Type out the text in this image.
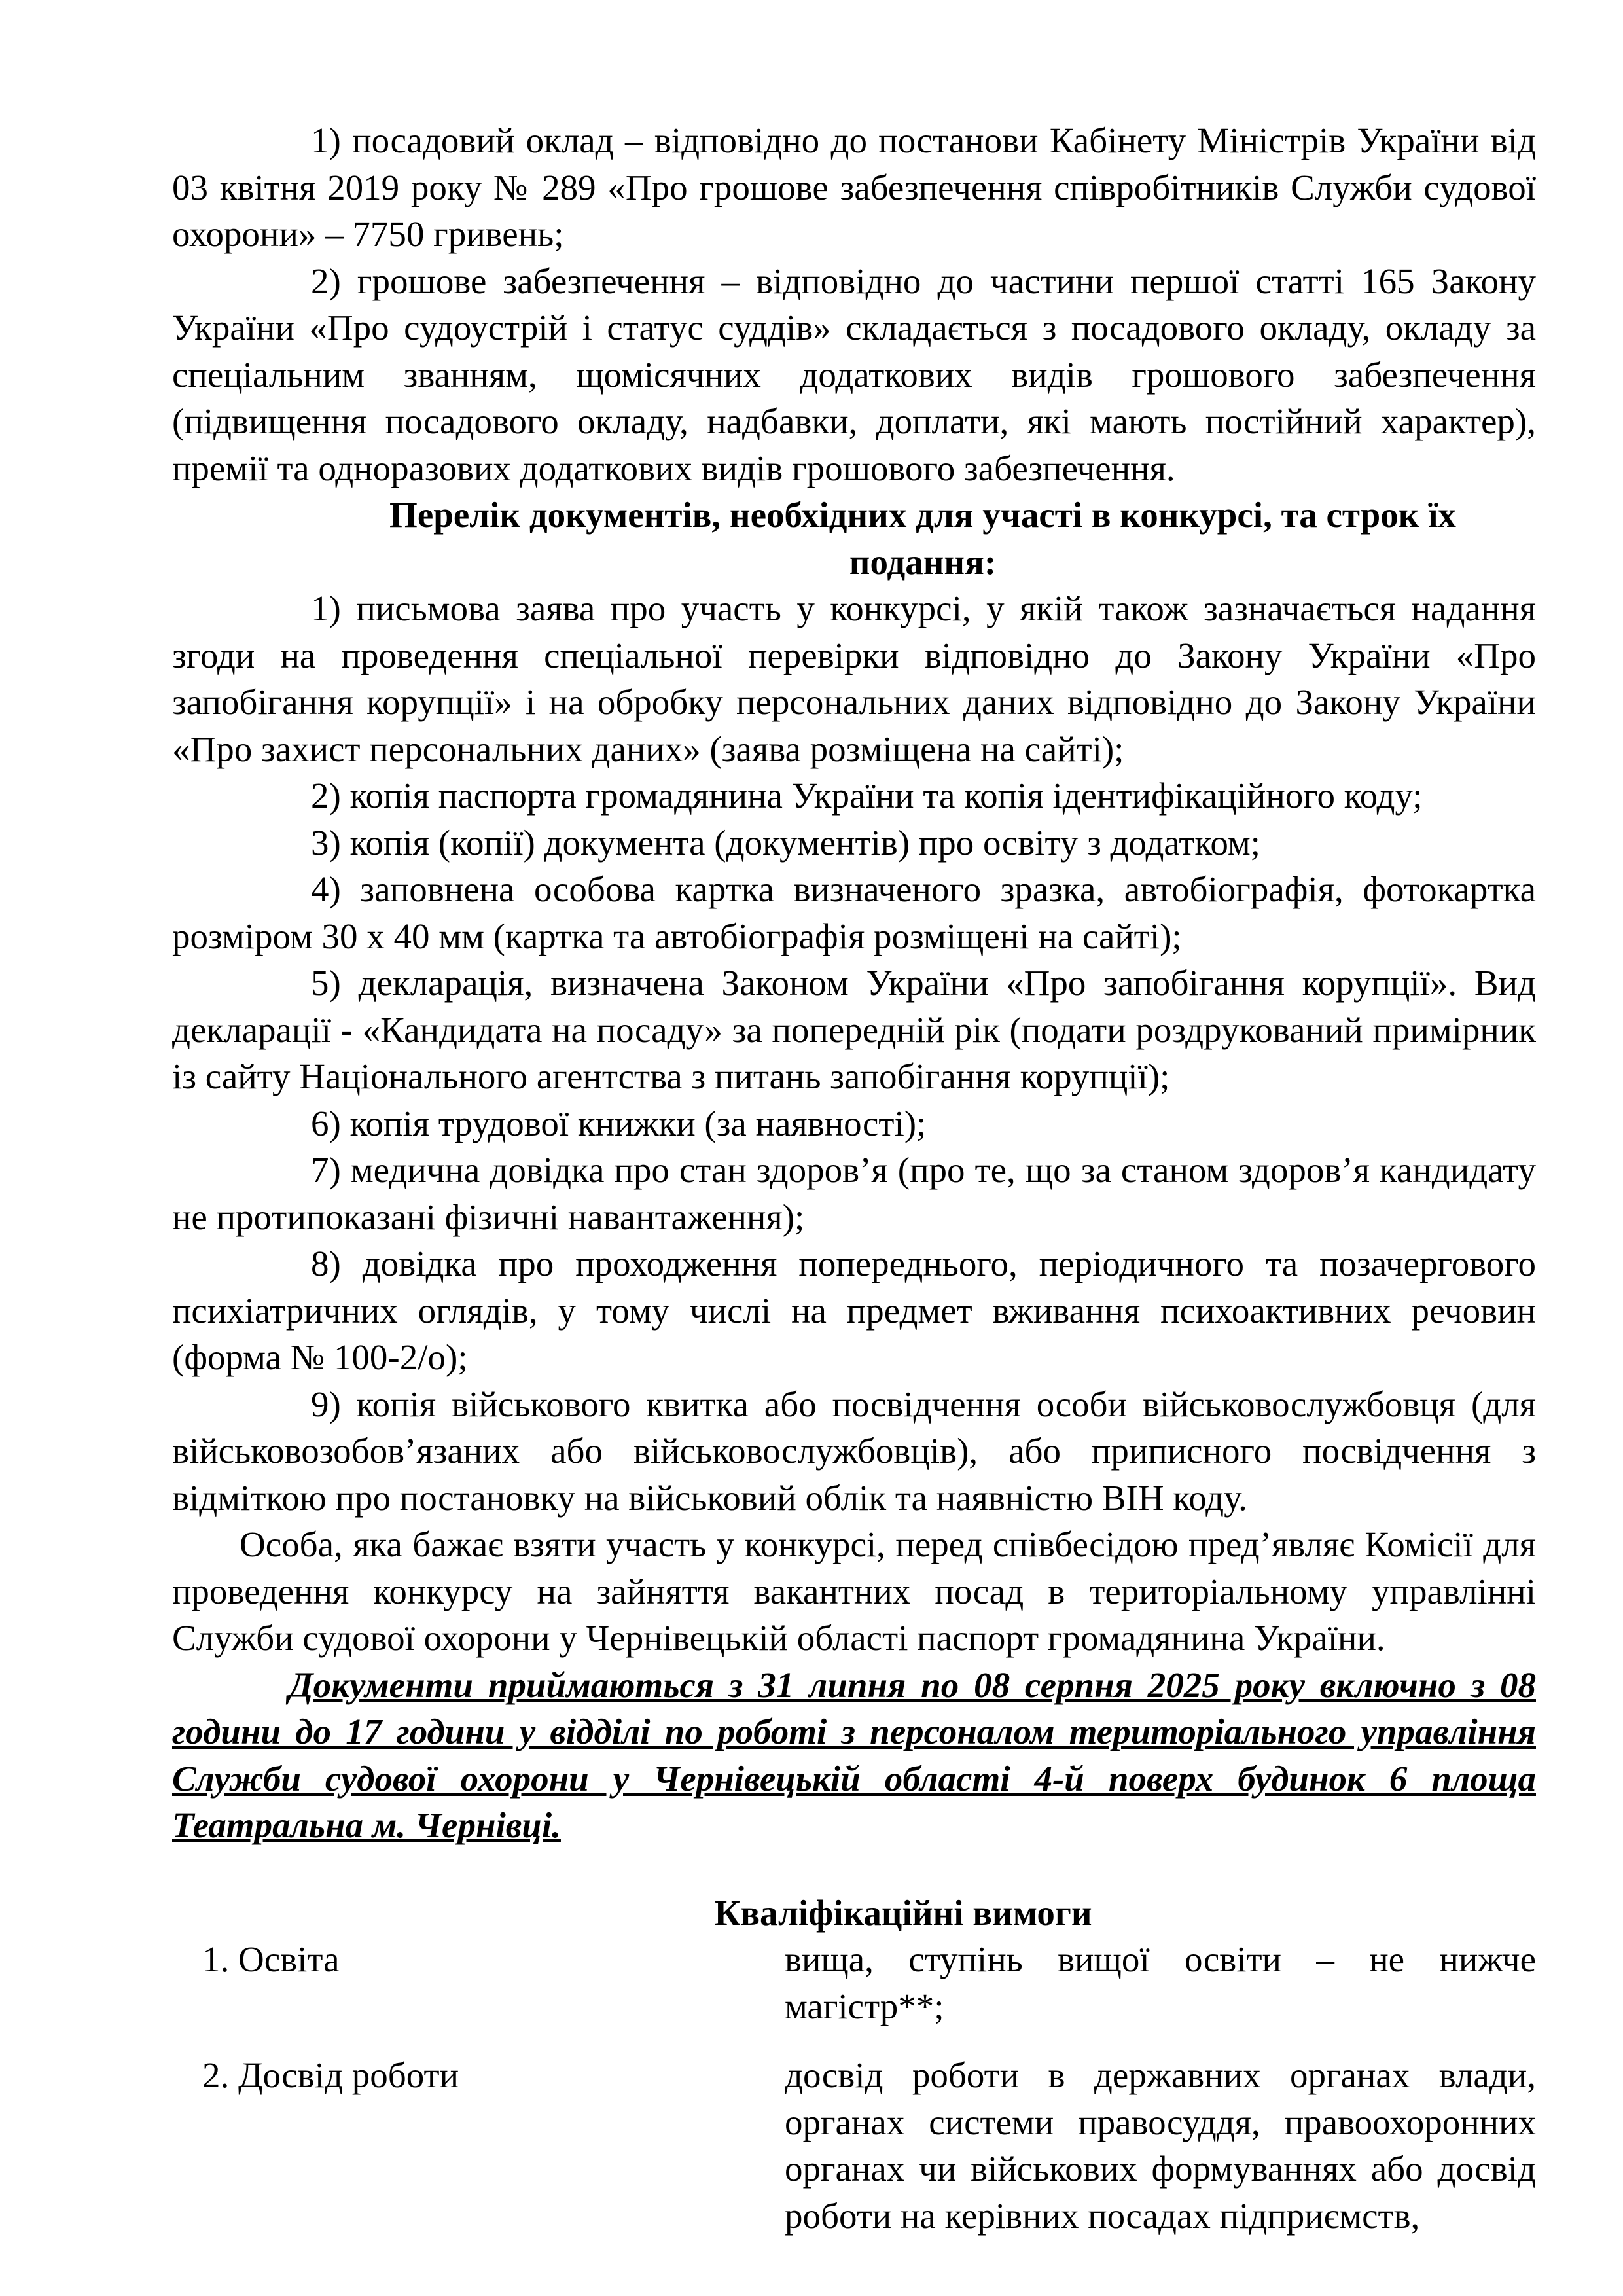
1) посадовий оклад – відповідно до постанови Кабінету Міністрів України від 03 квітня 2019 року № 289 «Про грошове забезпечення співробітників Служби судової охорони» – 7750 гривень;

2) грошове забезпечення – відповідно до частини першої статті 165 Закону України «Про судоустрій і статус суддів» складається з посадового окладу, окладу за спеціальним званням, щомісячних додаткових видів грошового забезпечення (підвищення посадового окладу, надбавки, доплати, які мають постійний характер), премії та одноразових додаткових видів грошового забезпечення.

Перелік документів, необхідних для участі в конкурсі, та строк їх подання:

1) письмова заява про участь у конкурсі, у якій також зазначається надання згоди на проведення спеціальної перевірки відповідно до Закону України «Про запобігання корупції» і на обробку персональних даних відповідно до Закону України «Про захист персональних даних» (заява розміщена на сайті);

2) копія паспорта громадянина України та копія ідентифікаційного коду;

3) копія (копії) документа (документів) про освіту з додатком;

4) заповнена особова картка визначеного зразка, автобіографія, фотокартка розміром 30 х 40 мм (картка та автобіографія розміщені на сайті);

5) декларація, визначена Законом України «Про запобігання корупції». Вид декларації - «Кандидата на посаду» за попередній рік (подати роздрукований примірник із сайту Національного агентства з питань запобігання корупції);

6) копія трудової книжки (за наявності);

7) медична довідка про стан здоров’я (про те, що за станом здоров’я кандидату не протипоказані фізичні навантаження);

8) довідка про проходження попереднього, періодичного та позачергового психіатричних оглядів, у тому числі на предмет вживання психоактивних речовин (форма № 100-2/о);

9) копія військового квитка або посвідчення особи військовослужбовця (для військовозобов’язаних або військовослужбовців), або приписного посвідчення з відміткою про постановку на військовий облік та наявністю ВІН коду.

Особа, яка бажає взяти участь у конкурсі, перед співбесідою пред’являє Комісії для проведення конкурсу на зайняття вакантних посад в територіальному управлінні Служби судової охорони у Чернівецькій області паспорт громадянина України.

Документи приймаються з 31 липня по 08 серпня 2025 року включно з 08 години до 17 години у відділі по роботі з персоналом територіального управління Служби судової охорони у Чернівецькій області 4-й поверх будинок 6 площа Театральна м. Чернівці.

Кваліфікаційні вимоги

1. Освіта	вища, ступінь вищої освіти – не нижче магістр**;
2. Досвід роботи	досвід роботи в державних органах влади, органах системи правосуддя, правоохоронних органах чи військових формуваннях або досвід роботи на керівних посадах підприємств,
